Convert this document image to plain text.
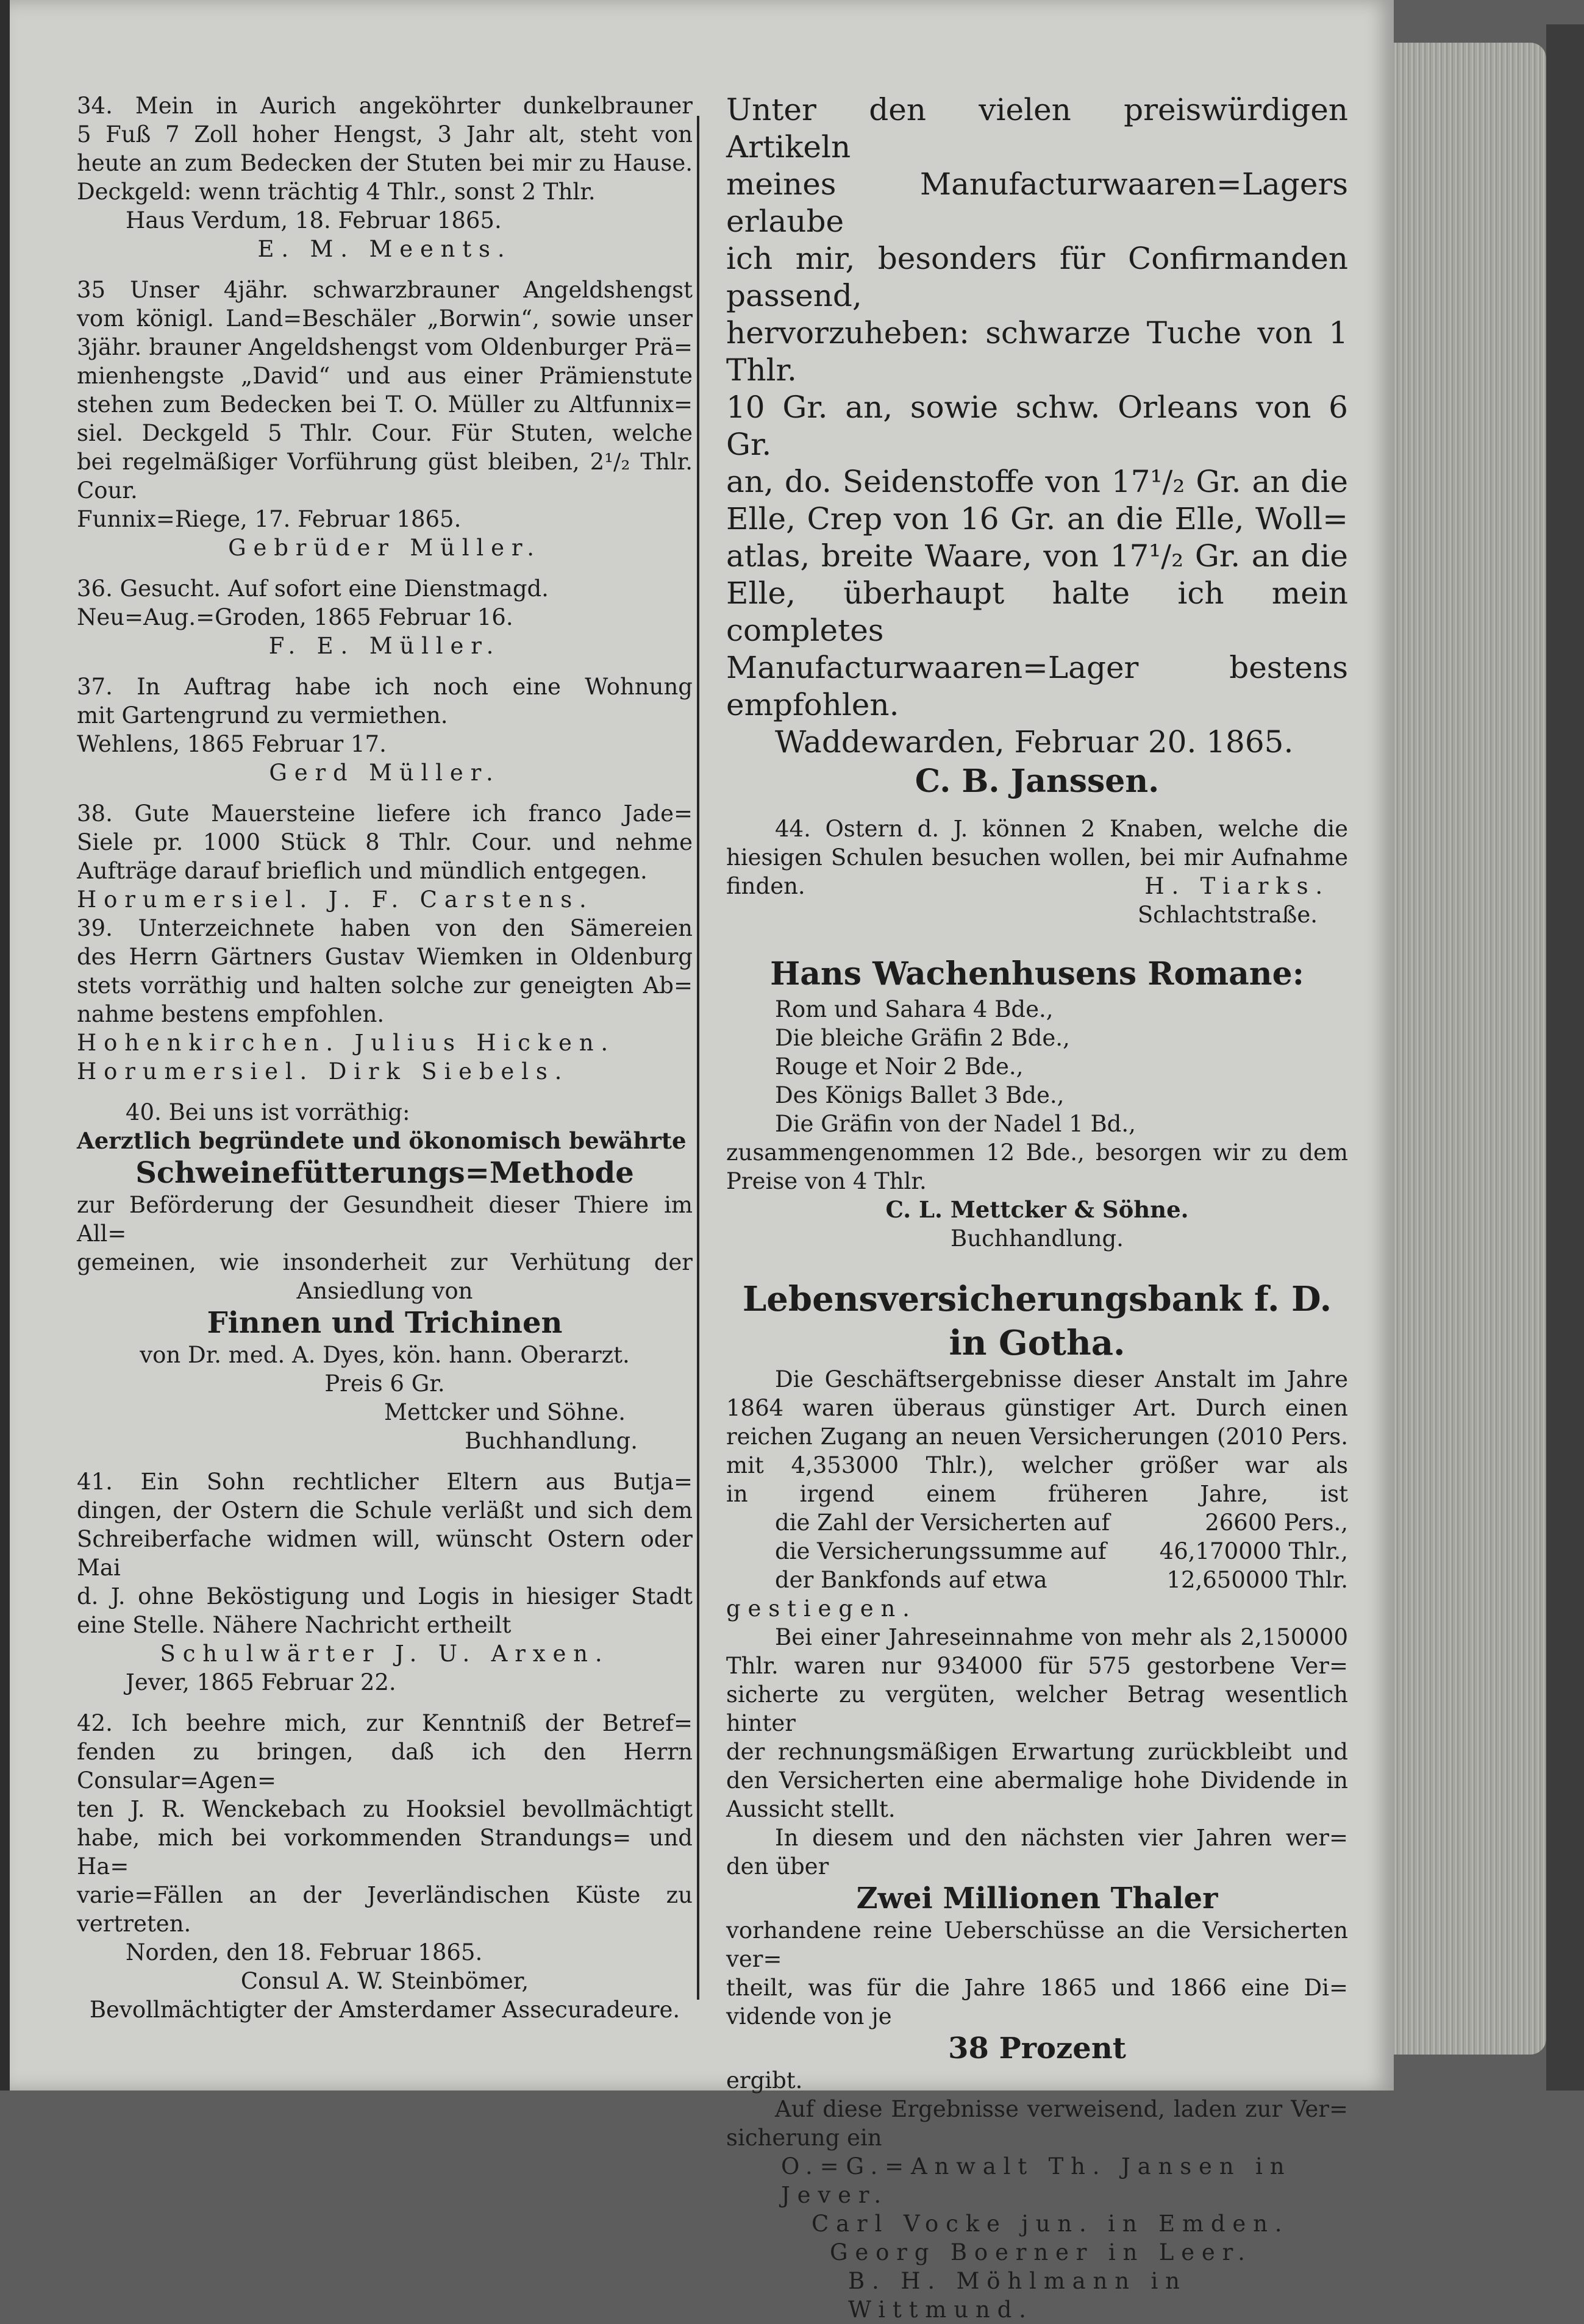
34. Mein in Aurich angeköhrter dunkelbrauner
5 Fuß 7 Zoll hoher Hengst, 3 Jahr alt, steht von
heute an zum Bedecken der Stuten bei mir zu Hause.
Deckgeld: wenn trächtig 4 Thlr., sonst 2 Thlr.
Haus Verdum, 18. Februar 1865.
E. M. Meents.
35 Unser 4jähr. schwarzbrauner Angeldshengst
vom königl. Land=Beschäler „Borwin“, sowie unser
3jähr. brauner Angeldshengst vom Oldenburger Prä=
mienhengste „David“ und aus einer Prämienstute
stehen zum Bedecken bei T. O. Müller zu Altfunnix=
siel. Deckgeld 5 Thlr. Cour. Für Stuten, welche
bei regelmäßiger Vorführung güst bleiben, 2¹/₂ Thlr.
Cour.
Funnix=Riege, 17. Februar 1865.
Gebrüder Müller.
36. Gesucht. Auf sofort eine Dienstmagd.
Neu=Aug.=Groden, 1865 Februar 16.
F. E. Müller.
37. In Auftrag habe ich noch eine Wohnung
mit Gartengrund zu vermiethen.
Wehlens, 1865 Februar 17.
Gerd Müller.
38. Gute Mauersteine liefere ich franco Jade=
Siele pr. 1000 Stück 8 Thlr. Cour. und nehme
Aufträge darauf brieflich und mündlich entgegen.
Horumersiel. J. F. Carstens.
39. Unterzeichnete haben von den Sämereien
des Herrn Gärtners Gustav Wiemken in Oldenburg
stets vorräthig und halten solche zur geneigten Ab=
nahme bestens empfohlen.
Hohenkirchen. Julius Hicken.
Horumersiel. Dirk Siebels.
40. Bei uns ist vorräthig:
Aerztlich begründete und ökonomisch bewährte
Schweinefütterungs=Methode
zur Beförderung der Gesundheit dieser Thiere im All=
gemeinen, wie insonderheit zur Verhütung der
Ansiedlung von
Finnen und Trichinen
von Dr. med. A. Dyes, kön. hann. Oberarzt.
Preis 6 Gr.
Mettcker und Söhne.
Buchhandlung.
41. Ein Sohn rechtlicher Eltern aus Butja=
dingen, der Ostern die Schule verläßt und sich dem
Schreiberfache widmen will, wünscht Ostern oder Mai
d. J. ohne Beköstigung und Logis in hiesiger Stadt
eine Stelle. Nähere Nachricht ertheilt
Schulwärter J. U. Arxen.
Jever, 1865 Februar 22.
42. Ich beehre mich, zur Kenntniß der Betref=
fenden zu bringen, daß ich den Herrn Consular=Agen=
ten J. R. Wenckebach zu Hooksiel bevollmächtigt
habe, mich bei vorkommenden Strandungs= und Ha=
varie=Fällen an der Jeverländischen Küste zu vertreten.
Norden, den 18. Februar 1865.
Consul A. W. Steinbömer,
Bevollmächtigter der Amsterdamer Assecuradeure.
Unter den vielen preiswürdigen Artikeln
meines Manufacturwaaren=Lagers erlaube
ich mir, besonders für Confirmanden passend,
hervorzuheben: schwarze Tuche von 1 Thlr.
10 Gr. an, sowie schw. Orleans von 6 Gr.
an, do. Seidenstoffe von 17¹/₂ Gr. an die
Elle, Crep von 16 Gr. an die Elle, Woll=
atlas, breite Waare, von 17¹/₂ Gr. an die
Elle, überhaupt halte ich mein completes
Manufacturwaaren=Lager bestens empfohlen.
Waddewarden, Februar 20. 1865.
C. B. Janssen.
44. Ostern d. J. können 2 Knaben, welche die
hiesigen Schulen besuchen wollen, bei mir Aufnahme
finden.	H. Tiarks.
Schlachtstraße.
Hans Wachenhusens Romane:
Rom und Sahara 4 Bde.,
Die bleiche Gräfin 2 Bde.,
Rouge et Noir 2 Bde.,
Des Königs Ballet 3 Bde.,
Die Gräfin von der Nadel 1 Bd.,
zusammengenommen 12 Bde., besorgen wir zu dem
Preise von 4 Thlr.
C. L. Mettcker & Söhne.
Buchhandlung.
Lebensversicherungsbank f. D.
in Gotha.
Die Geschäftsergebnisse dieser Anstalt im Jahre
1864 waren überaus günstiger Art. Durch einen
reichen Zugang an neuen Versicherungen (2010 Pers.
mit 4,353000 Thlr.), welcher größer war als
in irgend einem früheren Jahre, ist
die Zahl der Versicherten auf	26600 Pers.,
die Versicherungssumme auf 46,170000 Thlr.,
der Bankfonds auf etwa	12,650000 Thlr.
gestiegen.
Bei einer Jahreseinnahme von mehr als 2,150000
Thlr. waren nur 934000 für 575 gestorbene Ver=
sicherte zu vergüten, welcher Betrag wesentlich hinter
der rechnungsmäßigen Erwartung zurückbleibt und
den Versicherten eine abermalige hohe Dividende in
Aussicht stellt.
In diesem und den nächsten vier Jahren wer=
den über
Zwei Millionen Thaler
vorhandene reine Ueberschüsse an die Versicherten ver=
theilt, was für die Jahre 1865 und 1866 eine Di=
vidende von je
38 Prozent
ergibt.
Auf diese Ergebnisse verweisend, laden zur Ver=
sicherung ein
O.=G.=Anwalt Th. Jansen in Jever.
Carl Vocke jun. in Emden.
Georg Boerner in Leer.
B. H. Möhlmann in Wittmund.
